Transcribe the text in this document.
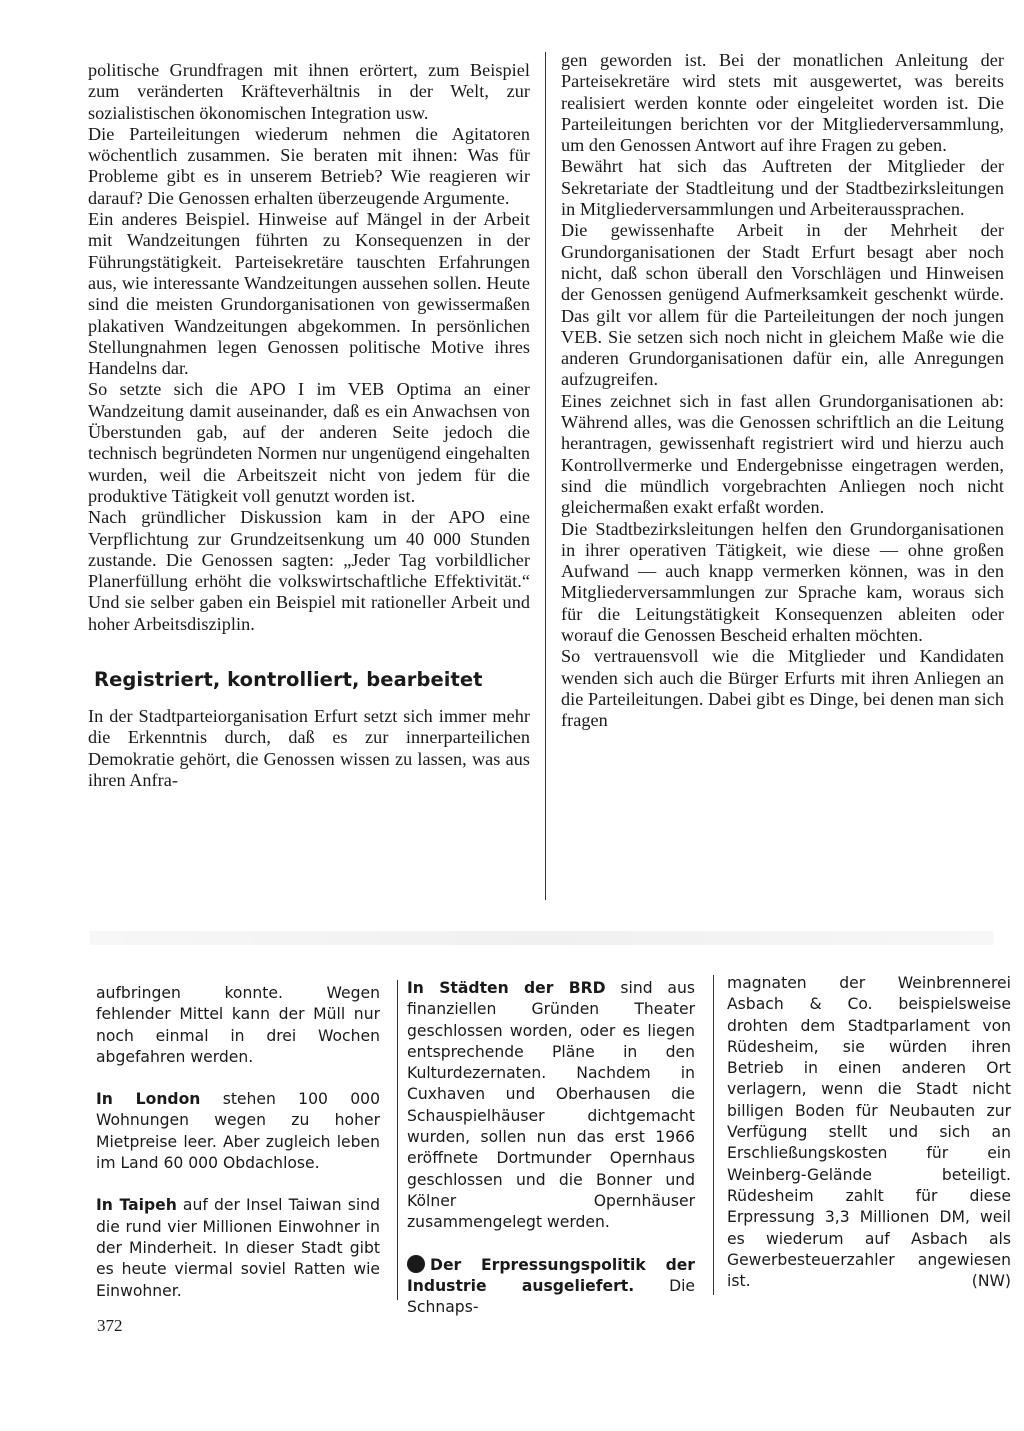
politische Grundfragen mit ihnen erörtert, zum Beispiel zum veränderten Kräfteverhältnis in der Welt, zur sozialistischen ökonomischen Integration usw.

Die Parteileitungen wiederum nehmen die Agitatoren wöchentlich zusammen. Sie beraten mit ihnen: Was für Probleme gibt es in unserem Betrieb? Wie reagieren wir darauf? Die Genossen erhalten überzeugende Argumente.

Ein anderes Beispiel. Hinweise auf Mängel in der Arbeit mit Wandzeitungen führten zu Konsequenzen in der Führungstätigkeit. Parteisekretäre tauschten Erfahrungen aus, wie interessante Wandzeitungen aussehen sollen. Heute sind die meisten Grundorganisationen von gewissermaßen plakativen Wandzeitungen abgekommen. In persönlichen Stellungnahmen legen Genossen politische Motive ihres Handelns dar.

So setzte sich die APO I im VEB Optima an einer Wandzeitung damit auseinander, daß es ein Anwachsen von Überstunden gab, auf der anderen Seite jedoch die technisch begründeten Normen nur ungenügend eingehalten wurden, weil die Arbeitszeit nicht von jedem für die produktive Tätigkeit voll genutzt worden ist.

Nach gründlicher Diskussion kam in der APO eine Verpflichtung zur Grundzeitsenkung um 40 000 Stunden zustande. Die Genossen sagten: „Jeder Tag vorbildlicher Planerfüllung erhöht die volkswirtschaftliche Effektivität.“ Und sie selber gaben ein Beispiel mit rationeller Arbeit und hoher Arbeitsdisziplin.

Registriert, kontrolliert, bearbeitet

In der Stadtparteiorganisation Erfurt setzt sich immer mehr die Erkenntnis durch, daß es zur innerparteilichen Demokratie gehört, die Genossen wissen zu lassen, was aus ihren Anfra-

gen geworden ist. Bei der monatlichen Anleitung der Parteisekretäre wird stets mit ausgewertet, was bereits realisiert werden konnte oder eingeleitet worden ist. Die Parteileitungen berichten vor der Mitgliederversammlung, um den Genossen Antwort auf ihre Fragen zu geben.

Bewährt hat sich das Auftreten der Mitglieder der Sekretariate der Stadtleitung und der Stadtbezirksleitungen in Mitgliederversammlungen und Arbeiteraussprachen.

Die gewissenhafte Arbeit in der Mehrheit der Grundorganisationen der Stadt Erfurt besagt aber noch nicht, daß schon überall den Vorschlägen und Hinweisen der Genossen genügend Aufmerksamkeit geschenkt würde. Das gilt vor allem für die Parteileitungen der noch jungen VEB. Sie setzen sich noch nicht in gleichem Maße wie die anderen Grundorganisationen dafür ein, alle Anregungen aufzugreifen.

Eines zeichnet sich in fast allen Grundorganisationen ab: Während alles, was die Genossen schriftlich an die Leitung herantragen, gewissenhaft registriert wird und hierzu auch Kontrollvermerke und Endergebnisse eingetragen werden, sind die mündlich vorgebrachten Anliegen noch nicht gleichermaßen exakt erfaßt worden.

Die Stadtbezirksleitungen helfen den Grundorganisationen in ihrer operativen Tätigkeit, wie diese — ohne großen Aufwand — auch knapp vermerken können, was in den Mitgliederversammlungen zur Sprache kam, woraus sich für die Leitungstätigkeit Konsequenzen ableiten oder worauf die Genossen Bescheid erhalten möchten.

So vertrauensvoll wie die Mitglieder und Kandidaten wenden sich auch die Bürger Erfurts mit ihren Anliegen an die Parteileitungen. Dabei gibt es Dinge, bei denen man sich fragen

aufbringen konnte. Wegen fehlender Mittel kann der Müll nur noch einmal in drei Wochen abgefahren werden.

In London stehen 100 000 Wohnungen wegen zu hoher Mietpreise leer. Aber zugleich leben im Land 60 000 Obdachlose.

In Taipeh auf der Insel Taiwan sind die rund vier Millionen Einwohner in der Minderheit. In dieser Stadt gibt es heute viermal soviel Ratten wie Einwohner.

In Städten der BRD sind aus finanziellen Gründen Theater geschlossen worden, oder es liegen entsprechende Pläne in den Kulturdezernaten. Nachdem in Cuxhaven und Oberhausen die Schauspielhäuser dichtgemacht wurden, sollen nun das erst 1966 eröffnete Dortmunder Opernhaus geschlossen und die Bonner und Kölner Opernhäuser zusammengelegt werden.

Der Erpressungspolitik der Industrie ausgeliefert. Die Schnaps-

magnaten der Weinbrennerei Asbach & Co. beispielsweise drohten dem Stadtparlament von Rüdesheim, sie würden ihren Betrieb in einen anderen Ort verlagern, wenn die Stadt nicht billigen Boden für Neubauten zur Verfügung stellt und sich an Erschließungskosten für ein Weinberg-Gelände beteiligt. Rüdesheim zahlt für diese Erpressung 3,3 Millionen DM, weil es wiederum auf Asbach als Gewerbesteuerzahler angewiesen ist.	(NW)

372
